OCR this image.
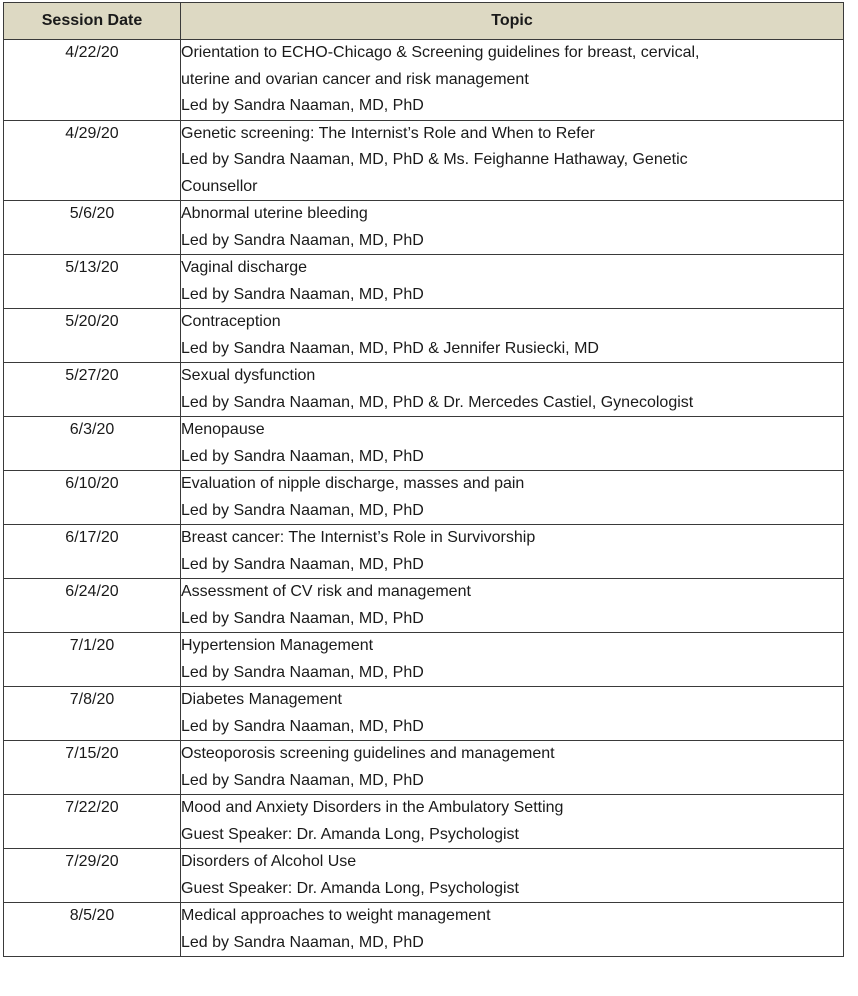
Session Date	Topic
4/22/20	Orientation to ECHO-Chicago & Screening guidelines for breast, cervical,
uterine and ovarian cancer and risk management
Led by Sandra Naaman, MD, PhD

4/29/20	Genetic screening: The Internist’s Role and When to Refer
Led by Sandra Naaman, MD, PhD & Ms. Feighanne Hathaway, Genetic
Counsellor

5/6/20	Abnormal uterine bleeding
Led by Sandra Naaman, MD, PhD

5/13/20	Vaginal discharge
Led by Sandra Naaman, MD, PhD

5/20/20	Contraception
Led by Sandra Naaman, MD, PhD & Jennifer Rusiecki, MD

5/27/20	Sexual dysfunction
Led by Sandra Naaman, MD, PhD & Dr. Mercedes Castiel, Gynecologist

6/3/20	Menopause
Led by Sandra Naaman, MD, PhD

6/10/20	Evaluation of nipple discharge, masses and pain
Led by Sandra Naaman, MD, PhD

6/17/20	Breast cancer: The Internist’s Role in Survivorship
Led by Sandra Naaman, MD, PhD

6/24/20	Assessment of CV risk and management
Led by Sandra Naaman, MD, PhD

7/1/20	Hypertension Management
Led by Sandra Naaman, MD, PhD

7/8/20	Diabetes Management
Led by Sandra Naaman, MD, PhD

7/15/20	Osteoporosis screening guidelines and management
Led by Sandra Naaman, MD, PhD

7/22/20	Mood and Anxiety Disorders in the Ambulatory Setting
Guest Speaker: Dr. Amanda Long, Psychologist

7/29/20	Disorders of Alcohol Use
Guest Speaker: Dr. Amanda Long, Psychologist

8/5/20	Medical approaches to weight management
Led by Sandra Naaman, MD, PhD
